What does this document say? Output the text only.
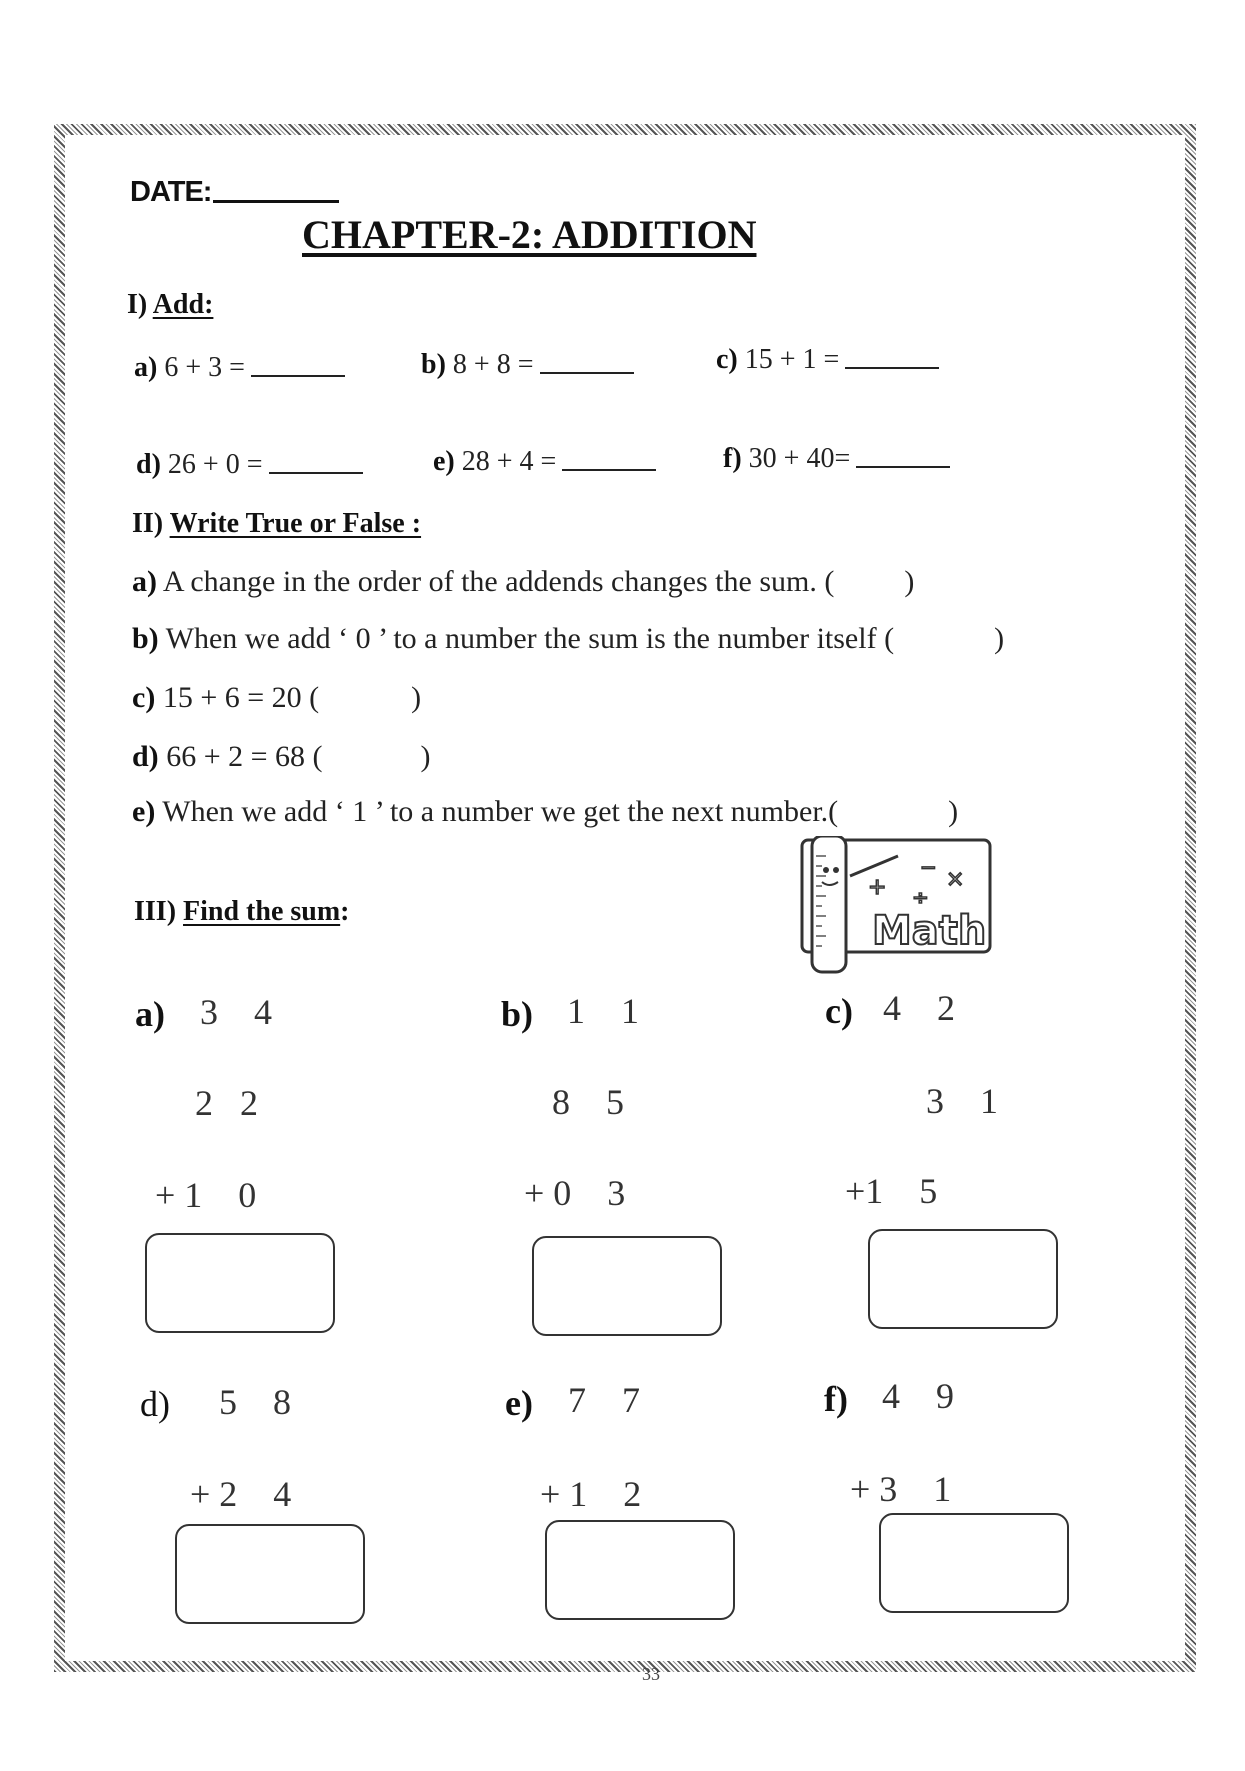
DATE:
CHAPTER-2: ADDITION
I) Add:
a) 6 + 3 =	b) 8 + 8 =	c) 15 + 1 =
d) 26 + 0 =	e) 28 + 4 =	f) 30 + 40=
II) Write True or False :
a) A change in the order of the addends changes the sum. ( )
b) When we add ‘ 0 ’ to a number the sum is the number itself (	)
c) 15 + 6 = 20 (	)
d) 66 + 2 = 68 (	)
e) When we add ‘ 1 ’ to a number we get the next number.(	)
III) Find the sum:
+
− ×
÷
Math
a) 3    4
2   2
+ 1    0
b) 1    1
8    5
+ 0    3
c) 4    2
3    1
+1    5
d) 5    8
+ 2    4
e) 7    7
+ 1    2
f) 4    9
+ 3    1
33
